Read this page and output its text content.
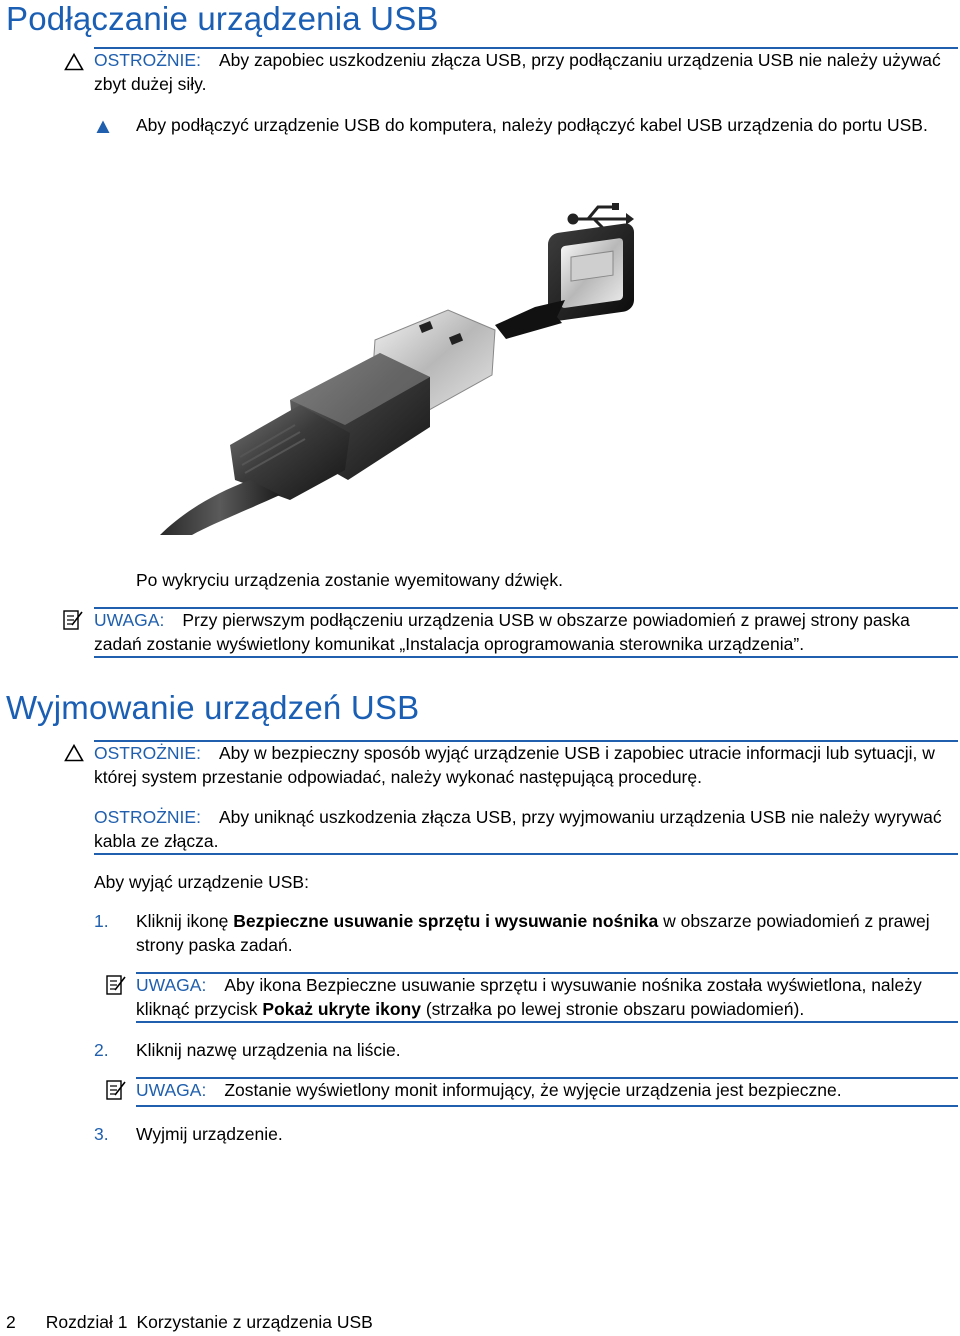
Podłączanie urządzenia USB
OSTROŻNIE: Aby zapobiec uszkodzeniu złącza USB, przy podłączaniu urządzenia USB nie należy używać zbyt dużej siły.
Aby podłączyć urządzenie USB do komputera, należy podłączyć kabel USB urządzenia do portu USB.
Po wykryciu urządzenia zostanie wyemitowany dźwięk.
UWAGA: Przy pierwszym podłączeniu urządzenia USB w obszarze powiadomień z prawej strony paska zadań zostanie wyświetlony komunikat „Instalacja oprogramowania sterownika urządzenia”.
Wyjmowanie urządzeń USB
OSTROŻNIE: Aby w bezpieczny sposób wyjąć urządzenie USB i zapobiec utracie informacji lub sytuacji, w której system przestanie odpowiadać, należy wykonać następującą procedurę.
OSTROŻNIE: Aby uniknąć uszkodzenia złącza USB, przy wyjmowaniu urządzenia USB nie należy wyrywać kabla ze złącza.
Aby wyjąć urządzenie USB:
1. Kliknij ikonę Bezpieczne usuwanie sprzętu i wysuwanie nośnika w obszarze powiadomień z prawej strony paska zadań.
UWAGA: Aby ikona Bezpieczne usuwanie sprzętu i wysuwanie nośnika została wyświetlona, należy kliknąć przycisk Pokaż ukryte ikony (strzałka po lewej stronie obszaru powiadomień).
2. Kliknij nazwę urządzenia na liście.
UWAGA: Zostanie wyświetlony monit informujący, że wyjęcie urządzenia jest bezpieczne.
3. Wyjmij urządzenie.
2 Rozdział 1 Korzystanie z urządzenia USB
